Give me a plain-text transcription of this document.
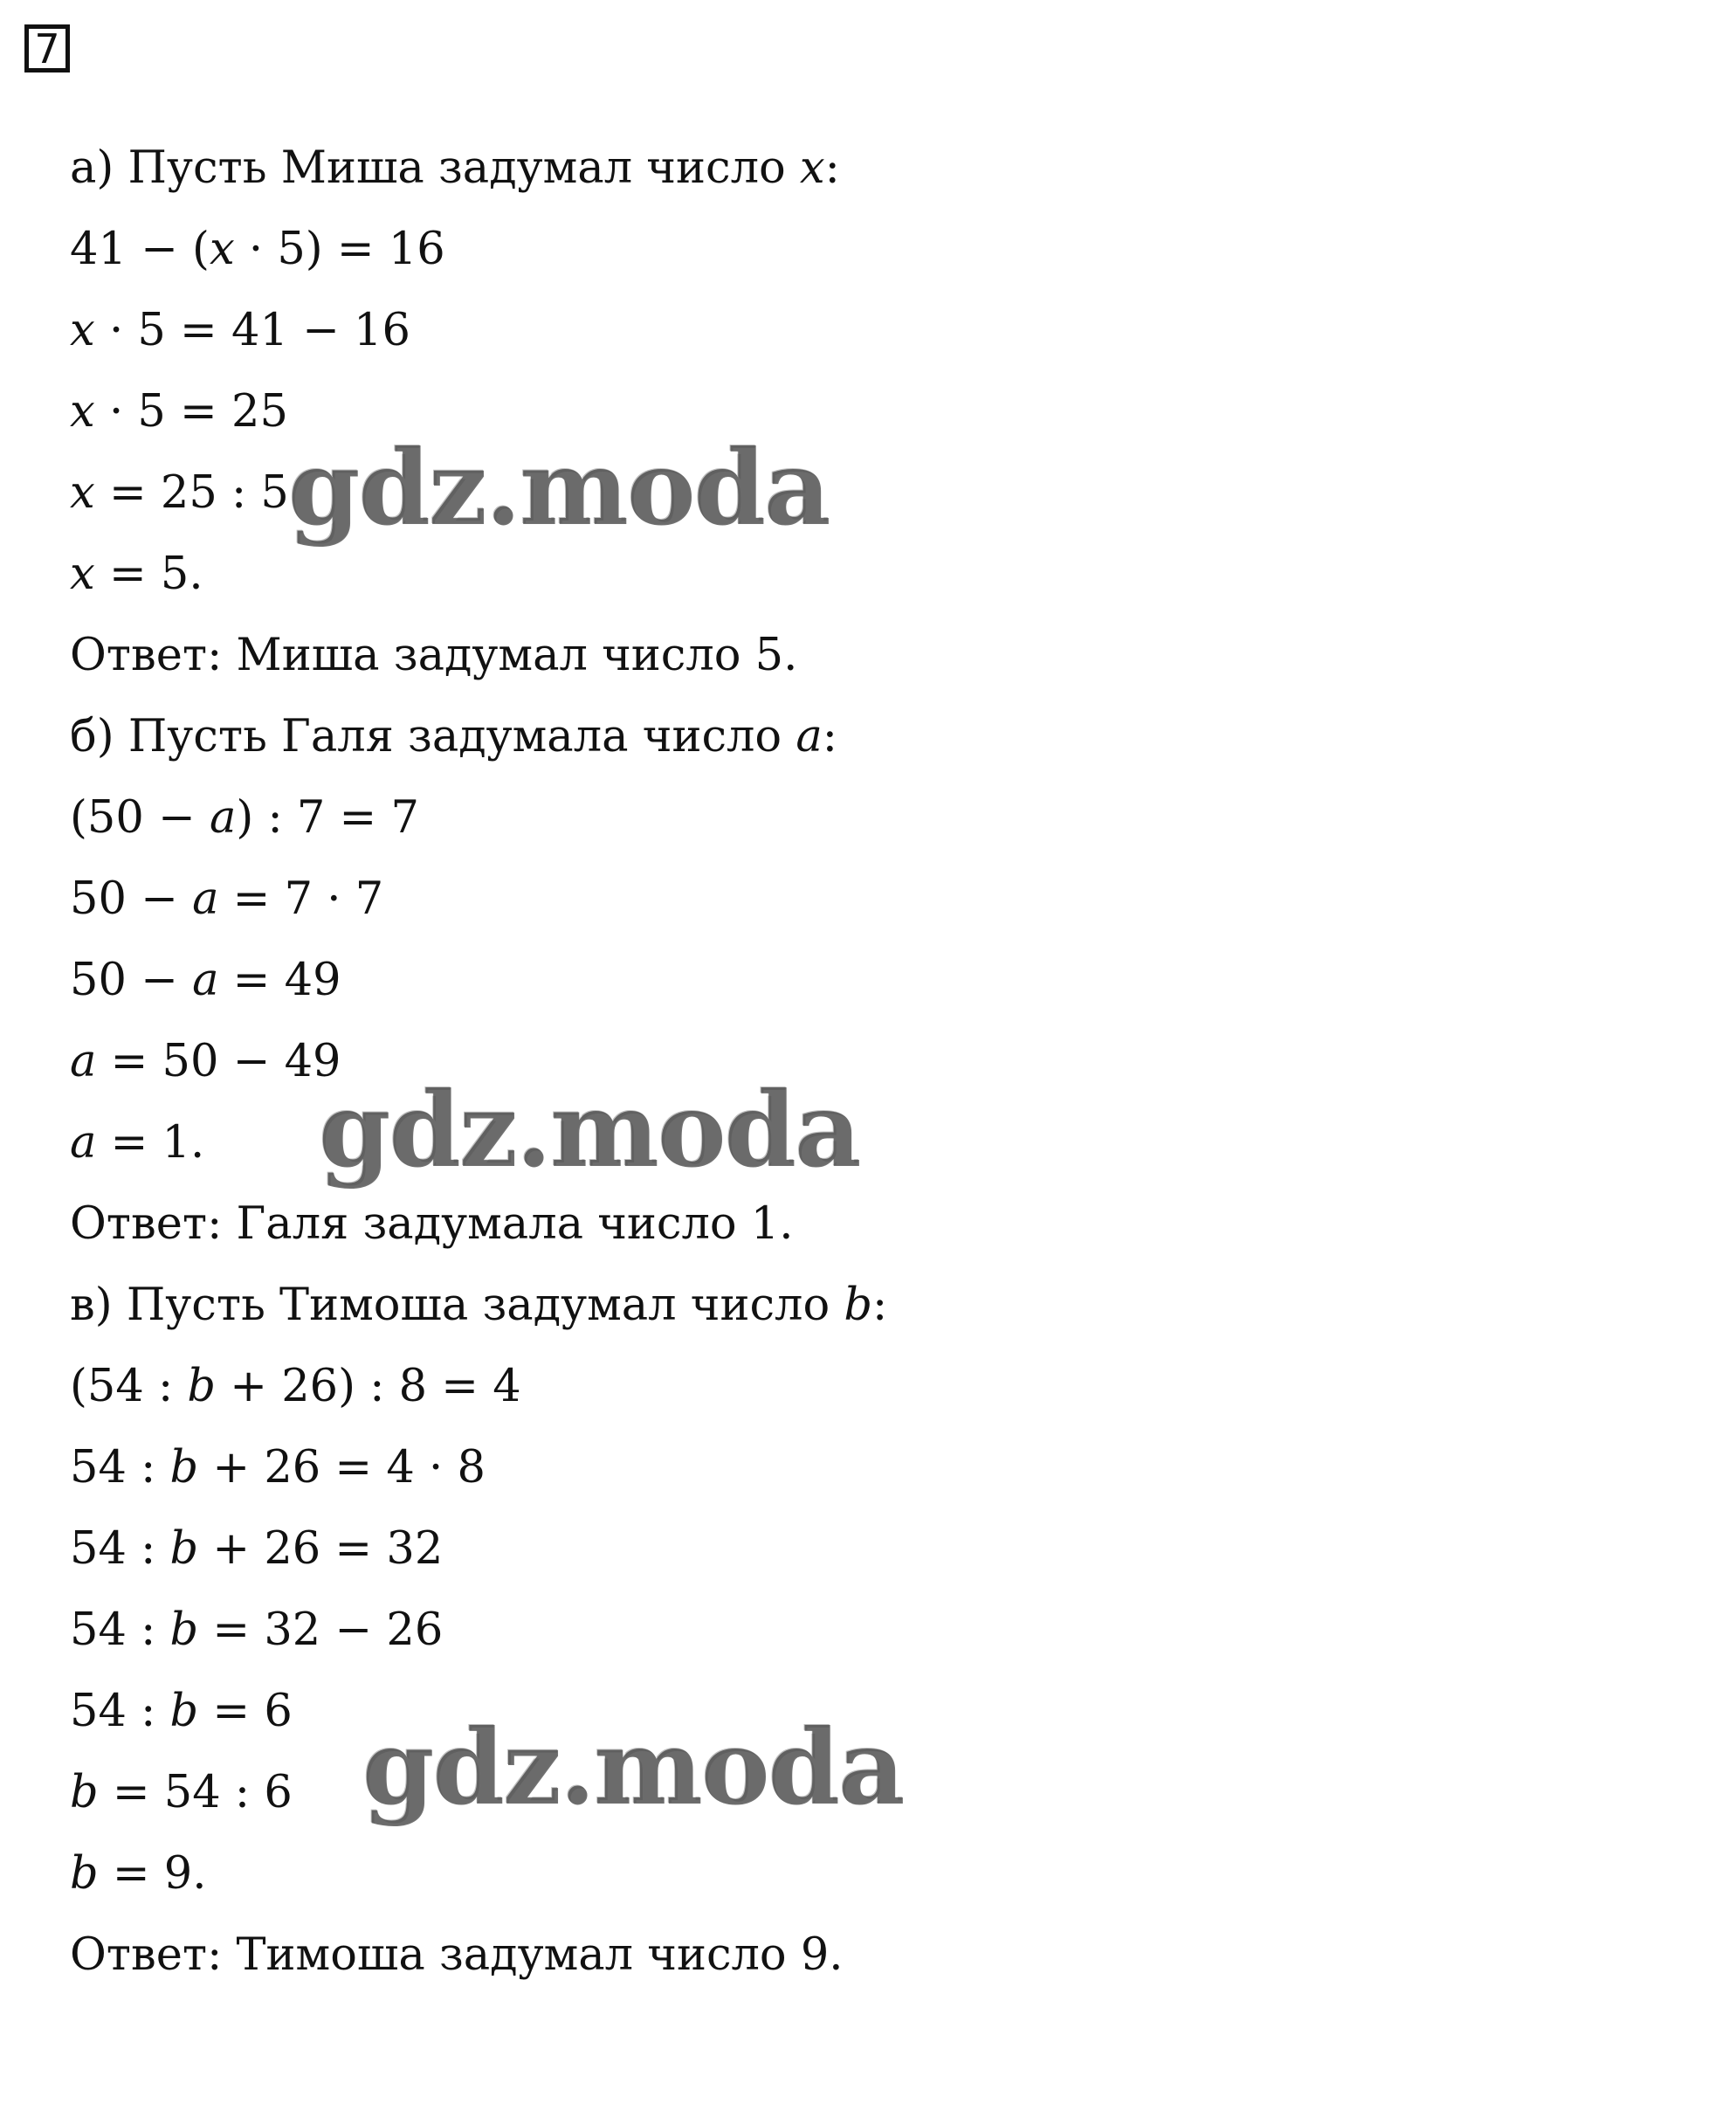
7
а) Пусть Миша задумал число x:
41 − (x · 5) = 16
x · 5 = 41 − 16
x · 5 = 25
x = 25 : 5
x = 5.
Ответ: Миша задумал число 5.
б) Пусть Галя задумала число a:
(50 − a) : 7 = 7
50 − a = 7 · 7
50 − a = 49
a = 50 − 49
a = 1.
Ответ: Галя задумала число 1.
в) Пусть Тимоша задумал число b:
(54 : b + 26) : 8 = 4
54 : b + 26 = 4 · 8
54 : b + 26 = 32
54 : b = 32 − 26
54 : b = 6
b = 54 : 6
b = 9.
Ответ: Тимоша задумал число 9.
gdz.moda
gdz.moda
gdz.moda
